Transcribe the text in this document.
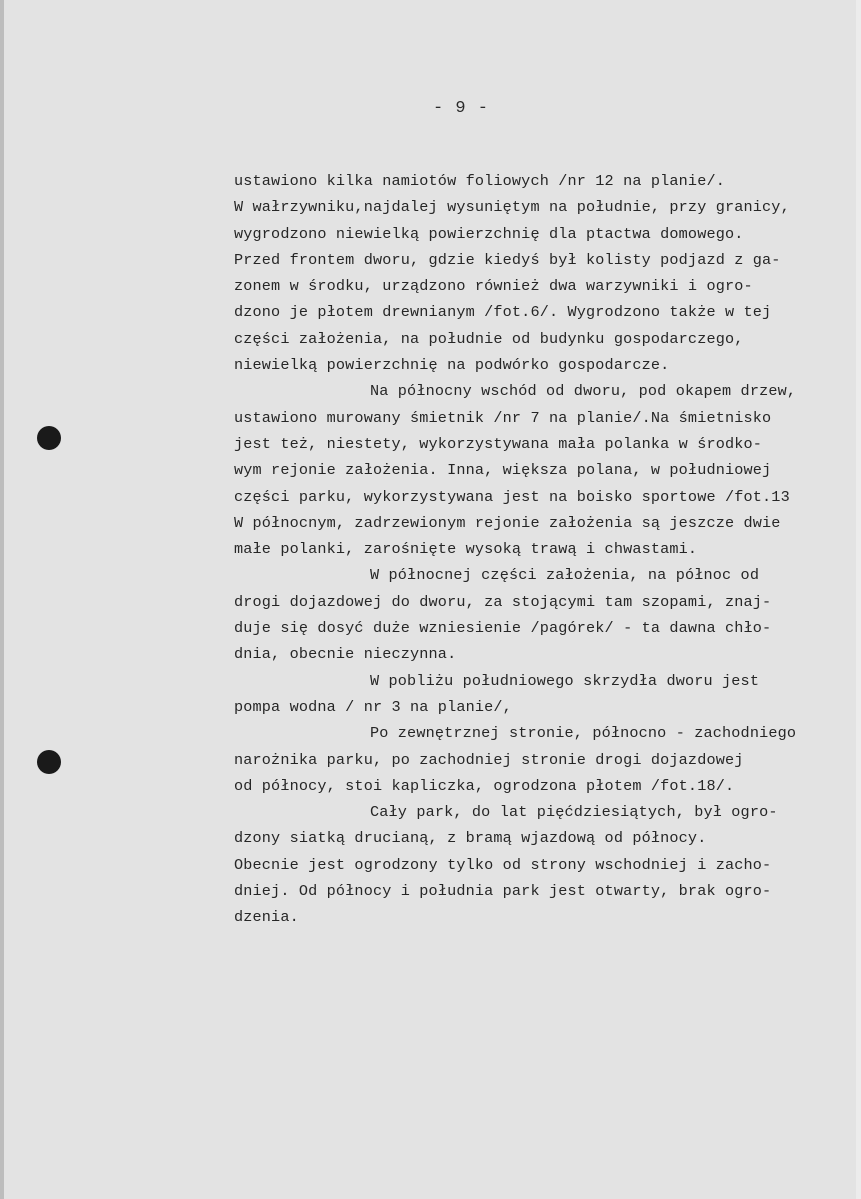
- 9 -
ustawiono kilka namiotów foliowych /nr 12 na planie/.
W wałrzywniku,najdalej wysuniętym na południe, przy granicy,
wygrodzono niewielką powierzchnię dla ptactwa domowego.
Przed frontem dworu, gdzie kiedyś był kolisty podjazd z ga-
zonem w środku, urządzono również dwa warzywniki i ogro-
dzono je płotem drewnianym /fot.6/. Wygrodzono także w tej
części założenia, na południe od budynku gospodarczego,
niewielką powierzchnię na podwórko gospodarcze.
Na północny wschód od dworu, pod okapem drzew,
ustawiono murowany śmietnik /nr 7 na planie/.Na śmietnisko
jest też, niestety, wykorzystywana mała polanka w środko-
wym rejonie założenia. Inna, większa polana, w południowej
części parku, wykorzystywana jest na boisko sportowe /fot.13
W północnym, zadrzewionym rejonie założenia są jeszcze dwie
małe polanki, zarośnięte wysoką trawą i chwastami.
W północnej części założenia, na północ od
drogi dojazdowej do dworu, za stojącymi tam szopami, znaj-
duje się dosyć duże wzniesienie /pagórek/ - ta dawna chło-
dnia, obecnie nieczynna.
W pobliżu południowego skrzydła dworu jest
pompa wodna / nr 3 na planie/,
Po zewnętrznej stronie, północno - zachodniego
narożnika parku, po zachodniej stronie drogi dojazdowej
od północy, stoi kapliczka, ogrodzona płotem /fot.18/.
Cały park, do lat pięćdziesiątych, był ogro-
dzony siatką drucianą, z bramą wjazdową od północy.
Obecnie jest ogrodzony tylko od strony wschodniej i zacho-
dniej. Od północy i południa park jest otwarty, brak ogro-
dzenia.
